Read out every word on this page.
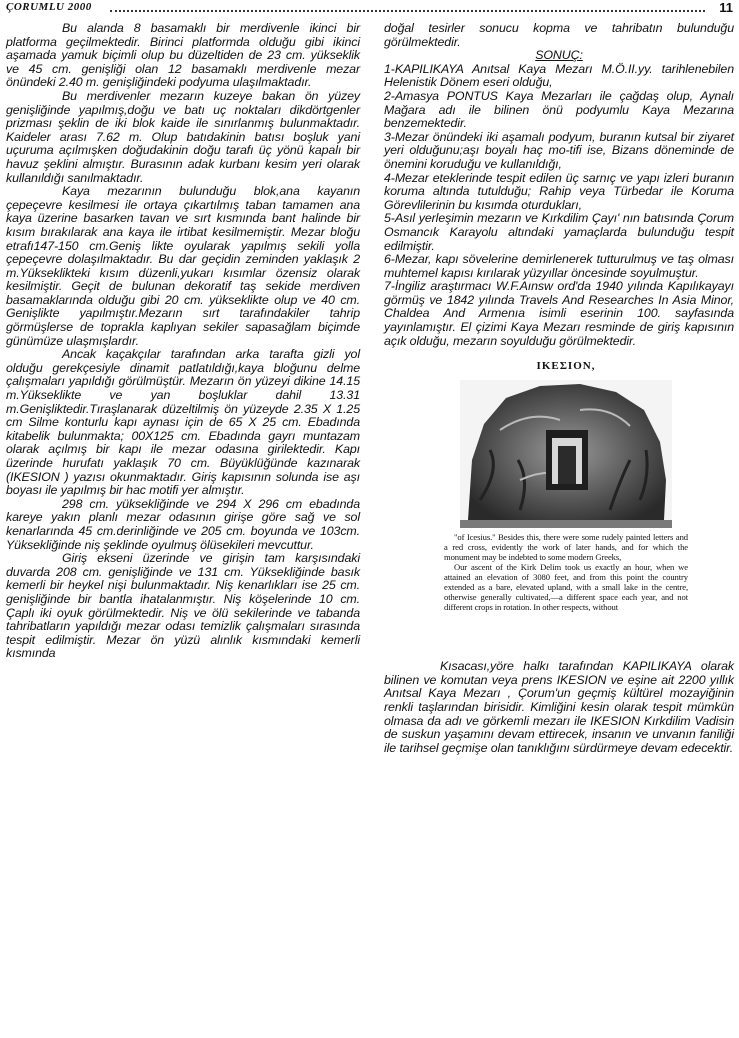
ÇORUMLU 2000	11

Bu alanda 8 basamaklı bir merdivenle ikinci bir platforma geçilmektedir. Birinci platformda olduğu gibi ikinci aşamada yamuk biçimli olup bu düzeltiden de 23 cm. yükseklik ve 45 cm. genişliği olan 12 basamaklı merdivenle mezar önündeki 2.40 m. genişliğindeki podyuma ulaşılmaktadır.

Bu merdivenler mezarın kuzeye bakan ön yüzey genişliğinde yapılmış,doğu ve batı uç noktaları dikdörtgenler prizması şeklin de iki blok kaide ile sınırlanmış bulunmaktadır. Kaideler arası 7.62 m. Olup batıdakinin batısı boşluk yani uçuruma açılmışken doğudakinin doğu tarafı üç yönü kapalı bir havuz şeklini almıştır. Burasının adak kurbanı kesim yeri olarak kullanıldığı sanılmaktadır.

Kaya mezarının bulunduğu blok,ana kayanın çepeçevre kesilmesi ile ortaya çıkartılmış taban tamamen ana kaya üzerine basarken tavan ve sırt kısmında bant halinde bir kısım bırakılarak ana kaya ile irtibat kesilmemiştir. Mezar bloğu etrafı147-150 cm.Geniş likte oyularak yapılmış sekili yolla çepeçevre dolaşılmaktadır. Bu dar geçidin zeminden yaklaşık 2 m.Yükseklikteki kısım düzenli,yukarı kısımlar özensiz olarak kesilmiştir. Geçit de bulunan dekoratif taş sekide merdiven basamaklarında olduğu gibi 20 cm. yükseklikte olup ve 40 cm. Genişlikte yapılmıştır.Mezarın sırt tarafındakiler tahrip görmüşlerse de toprakla kaplıyan sekiler sapasağlam biçimde günümüze ulaşmışlardır.

Ancak kaçakçılar tarafından arka tarafta gizli yol olduğu gerekçesiyle dinamit patlatıldığı,kaya bloğunu delme çalışmaları yapıldığı görülmüştür. Mezarın ön yüzeyi dikine 14.15 m.Yükseklikte ve yan boşluklar dahil 13.31 m.Genişliktedir.Tıraşlanarak düzeltilmiş ön yüzeyde 2.35 X 1.25 cm Silme konturlu kapı aynası için de 65 X 25 cm. Ebadında kitabelik bulunmakta; 00X125 cm. Ebadında gayrı muntazam olarak açılmış bir kapı ile mezar odasına girilektedir. Kapı üzerinde hurufatı yaklaşık 70 cm. Büyüklüğünde kazınarak (IKESION ) yazısı okunmaktadır. Giriş kapısının solunda ise aşı boyası ile yapılmış bir hac motifi yer almıştır.

298 cm. yüksekliğinde ve 294 X 296 cm ebadında kareye yakın planlı mezar odasının girişe göre sağ ve sol kenarlarında 45 cm.derinliğinde ve 205 cm. boyunda ve 103cm. Yüksekliğinde niş şeklinde oyulmuş ölüsekileri mevcuttur.

Giriş ekseni üzerinde ve girişin tam karşısındaki duvarda 208 cm. genişliğinde ve 131 cm. Yüksekliğinde basık kemerli bir heykel nişi bulunmaktadır. Niş kenarlıkları ise 25 cm. genişliğinde bir bantla ihatalanmıştır. Niş köşelerinde 10 cm. Çaplı iki oyuk görülmektedir. Niş ve ölü sekilerinde ve tabanda tahribatların yapıldığı mezar odası temizlik çalışmaları sırasında tespit edilmiştir. Mezar ön yüzü alınlık kısmındaki kemerli kısmında

doğal tesirler sonucu kopma ve tahribatın bulunduğu görülmektedir.

SONUÇ:

1-KAPILIKAYA Anıtsal Kaya Mezarı M.Ö.II.yy. tarihlenebilen Helenistik Dönem eseri olduğu,

2-Amasya PONTUS Kaya Mezarları ile çağdaş olup, Aynalı Mağara adı ile bilinen önü podyumlu Kaya Mezarına benzemektedir.

3-Mezar önündeki iki aşamalı podyum, buranın kutsal bir ziyaret yeri olduğunu;aşı boyalı haç mo-tifi ise, Bizans döneminde de önemini koruduğu ve kullanıldığı,

4-Mezar eteklerinde tespit edilen üç sarnıç ve yapı izleri buranın koruma altında tutulduğu; Rahip veya Türbedar ile Koruma Görevlilerinin bu kısımda oturdukları,

5-Asıl yerleşimin mezarın ve Kırkdilim Çayı' nın batısında Çorum Osmancık Karayolu altındaki yamaçlarda bulunduğu tespit edilmiştir.

6-Mezar, kapı sövelerine demirlenerek tutturulmuş ve taş olması muhtemel kapısı kırılarak yüzyıllar öncesinde soyulmuştur.

7-İngiliz araştırmacı W.F.Aınsw ord'da 1940 yılında Kapılıkayayı görmüş ve 1842 yılında Travels And Researches In Asia Minor, Chaldea And Armenıa isimli eserinin 100. sayfasında yayınlamıştır. El çizimi Kaya Mezarı resminde de giriş kapısının açık olduğu, mezarın soyulduğu görülmektedir.

IKEΣION,

"of Icesius." Besides this, there were some rudely painted letters and a red cross, evidently the work of later hands, and for which the monument may be indebted to some modern Greeks,

Our ascent of the Kirk Delim took us exactly an hour, when we attained an elevation of 3080 feet, and from this point the country extended as a bare, elevated upland, with a small lake in the centre, otherwise generally cultivated,—a different space each year, and not different crops in rotation. In other respects, without

Kısacası,yöre halkı tarafından KAPILIKAYA olarak bilinen ve komutan veya prens IKESION ve eşine ait 2200 yıllık Anıtsal Kaya Mezarı , Çorum'un geçmiş kültürel mozayiğinin renkli taşlarından birisidir. Kimliğini kesin olarak tespit mümkün olmasa da adı ve görkemli mezarı ile IKESION Kırkdilim Vadisin de suskun yaşamını devam ettirecek, insanın ve unvanın faniliği ile tarihsel geçmişe olan tanıklığını sürdürmeye devam edecektir.
